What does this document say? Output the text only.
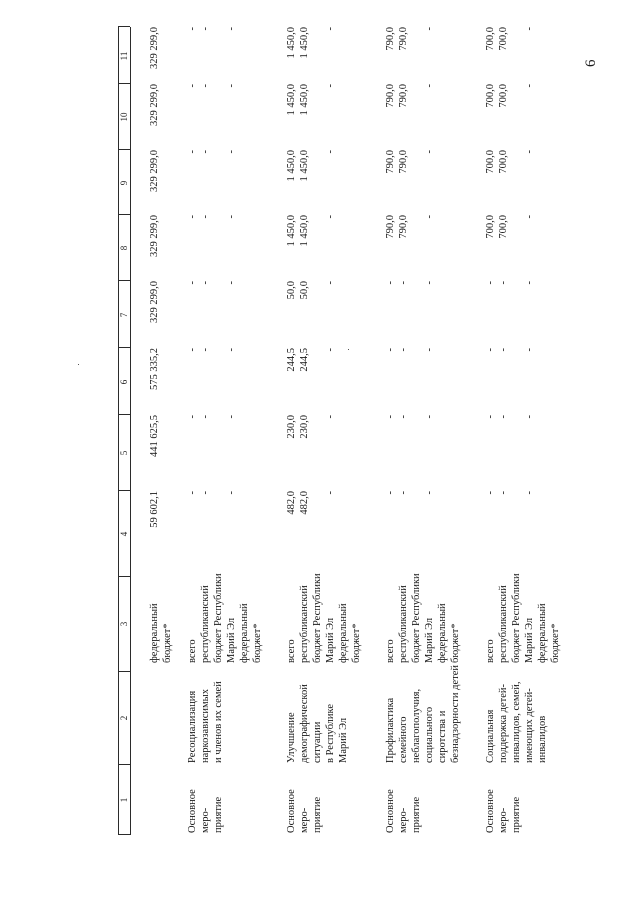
1
2
3
4
5
6
7
8
9
10
11
6
федеральный
бюджет*
59 602,1
441 625,5
575 335,2
329 299,0
329 299,0
329 299,0
329 299,0
329 299,0
Основное
меро-
приятие
Ресоциализация
наркозависимых
и членов их семей
всего
республиканский
бюджет Республики
Марий Эл
федеральный
бюджет*
-
-

-
-
-

-
-
-

-
-
-

-
-
-

-
-
-

-
-
-

-
-
-

-
Основное
меро-
приятие
Улучшение
демографической
ситуации
в Республике
Марий Эл
всего
республиканский
бюджет Республики
Марий Эл
федеральный
бюджет*
482,0
482,0

-
230,0
230,0

-
244,5
244,5

-
50,0
50,0

-
1 450,0
1 450,0

-
1 450,0
1 450,0

-
1 450,0
1 450,0

-
1 450,0
1 450,0

-
Основное
меро-
приятие
Профилактика
семейного
неблагополучия,
социального
сиротства и
безнадзорности детей
всего
республиканский
бюджет Республики
Марий Эл
федеральный
бюджет*
-
-

-
-
-

-
-
-

-
-
-

-
790,0
790,0

-
790,0
790,0

-
790,0
790,0

-
790,0
790,0

-
Основное
меро-
приятие
Социальная
поддержка детей-
инвалидов, семей,
имеющих детей-
инвалидов
всего
республиканский
бюджет Республики
Марий Эл
федеральный
бюджет*
-
-

-
-
-

-
-
-

-
-
-

-
700,0
700,0

-
700,0
700,0

-
700,0
700,0

-
700,0
700,0

-
